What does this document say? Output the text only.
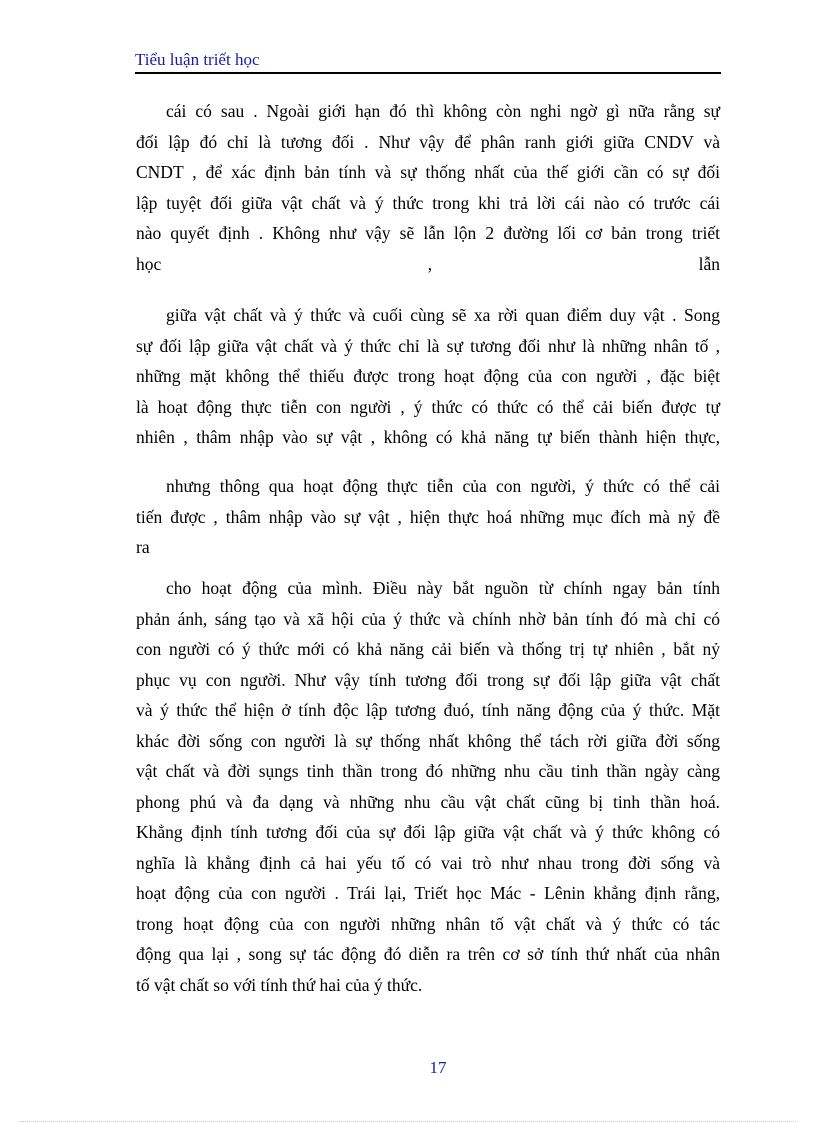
Tiểu luận triết học
cái có sau . Ngoài giới hạn đó thì không còn nghi ngờ gì nữa rằng sự
đối lập đó chỉ là tương đối . Như vậy để phân ranh giới giữa CNDV và
CNDT , để xác định bản tính và sự thống nhất của thế giới cần có sự đối
lập tuyệt đối giữa vật chất và ý thức trong khi trả lời cái nào có trước cái
nào quyết định . Không như vậy sẽ lẫn lộn 2 đường lối cơ bản trong triết
học , lẫn
giữa vật chất và ý thức và cuối cùng sẽ xa rời quan điểm duy vật . Song
sự đối lập giữa vật chất và ý thức chỉ là sự tương đối như là những nhân tố ,
những mặt không thể thiếu được trong hoạt động của con người , đặc biệt
là hoạt động thực tiễn con người , ý thức có thức có thể cải biến được tự
nhiên , thâm nhập vào sự vật , không có khả năng tự biến thành hiện thực,
nhưng thông qua hoạt động thực tiễn của con người, ý thức có thể cải
tiến được , thâm nhập vào sự vật , hiện thực hoá những mục đích mà nỷ đề
ra
cho hoạt động của mình. Điều này bắt nguồn từ chính ngay bản tính
phản ánh, sáng tạo và xã hội của ý thức và chính nhờ bản tính đó mà chỉ có
con người có ý thức mới có khả năng cải biến và thống trị tự nhiên , bắt nỷ
phục vụ con người. Như vậy tính tương đối trong sự đối lập giữa vật chất
và ý thức thể hiện ở tính độc lập tương đuó, tính năng động của ý thức. Mặt
khác đời sống con người là sự thống nhất không thể tách rời giữa đời sống
vật chất và đời sụngs tinh thần trong đó những nhu cầu tinh thần ngày càng
phong phú và đa dạng và những nhu cầu vật chất cũng bị tinh thần hoá.
Khẳng định tính tương đối của sự đối lập giữa vật chất và ý thức không có
nghĩa là khẳng định cả hai yếu tố có vai trò như nhau trong đời sống và
hoạt động của con người . Trái lại, Triết học Mác - Lênin khẳng định rằng,
trong hoạt động của con người những nhân tố vật chất và ý thức có tác
động qua lại , song sự tác động đó diễn ra trên cơ sở tính thứ nhất của nhân
tố vật chất so với tính thứ hai của ý thức.
17
